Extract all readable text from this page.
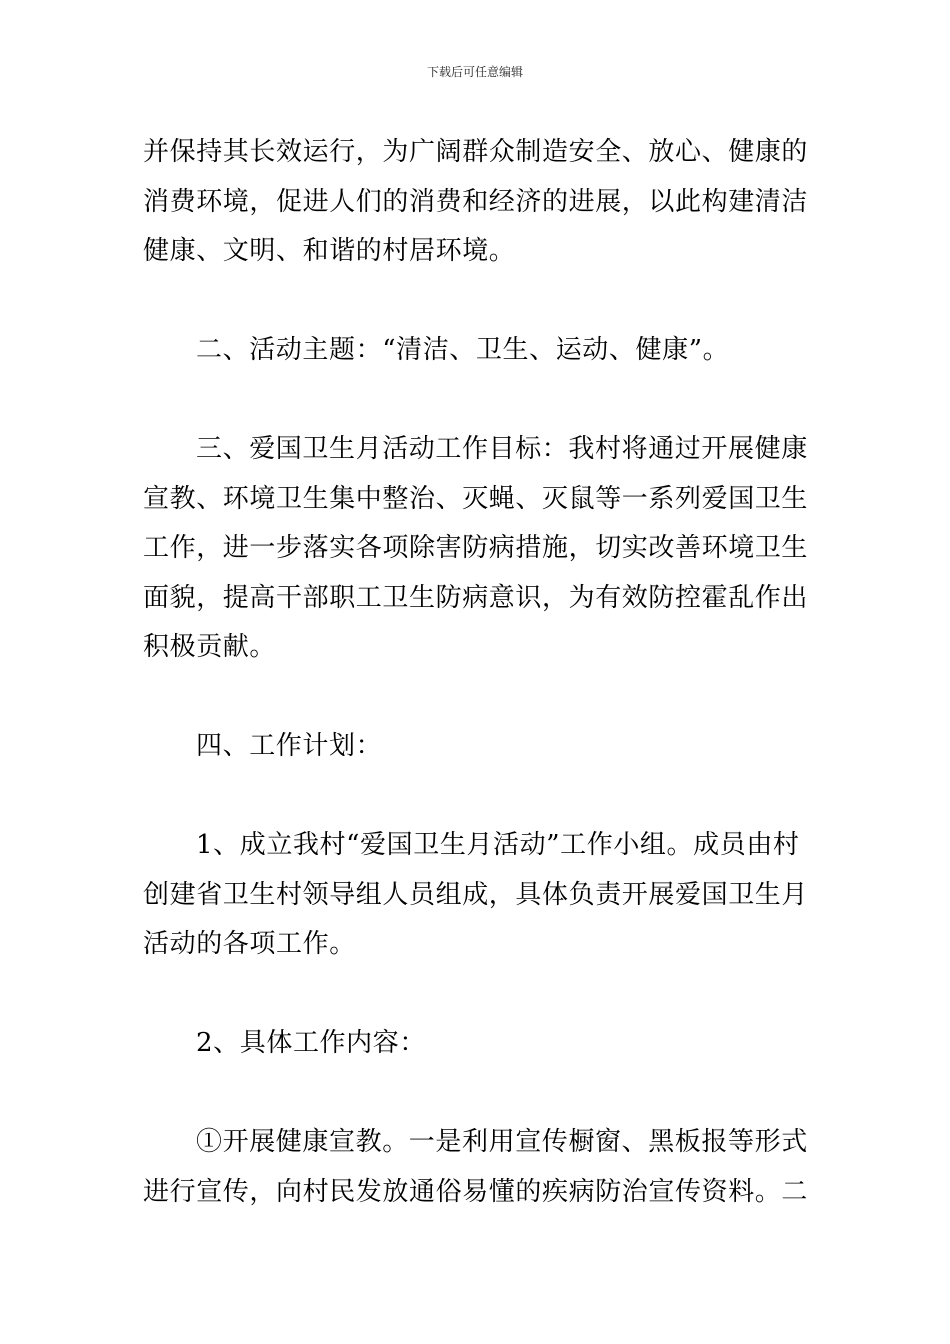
下载后可任意编辑
并保持其长效运行，为广阔群众制造安全、放心、健康的
消费环境，促进人们的消费和经济的进展，以此构建清洁
健康、文明、和谐的村居环境。
二、活动主题：“清洁、卫生、运动、健康”。
三、爱国卫生月活动工作目标：我村将通过开展健康
宣教、环境卫生集中整治、灭蝇、灭鼠等一系列爱国卫生
工作，进一步落实各项除害防病措施，切实改善环境卫生
面貌，提高干部职工卫生防病意识，为有效防控霍乱作出
积极贡献。
四、工作计划：
1、成立我村“爱国卫生月活动”工作小组。成员由村
创建省卫生村领导组人员组成，具体负责开展爱国卫生月
活动的各项工作。
2、具体工作内容：
①开展健康宣教。一是利用宣传橱窗、黑板报等形式
进行宣传，向村民发放通俗易懂的疾病防治宣传资料。二
